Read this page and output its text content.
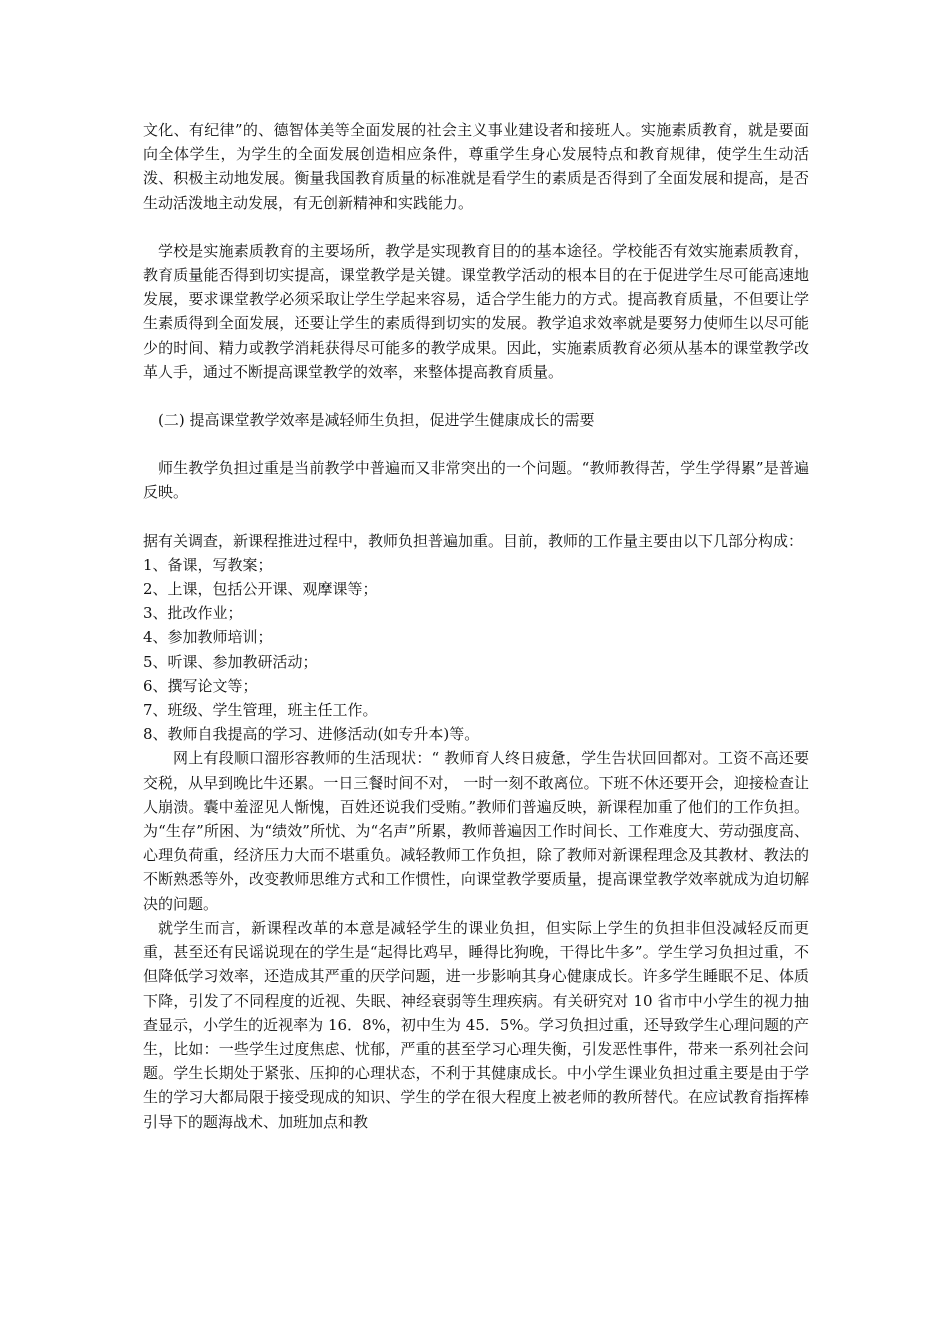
文化、有纪律”的、德智体美等全面发展的社会主义事业建设者和接班人。实施素质教育，就是要面向全体学生，为学生的全面发展创造相应条件，尊重学生身心发展特点和教育规律，使学生生动活泼、积极主动地发展。衡量我国教育质量的标准就是看学生的素质是否得到了全面发展和提高，是否生动活泼地主动发展，有无创新精神和实践能力。

学校是实施素质教育的主要场所，教学是实现教育目的的基本途径。学校能否有效实施素质教育，教育质量能否得到切实提高，课堂教学是关键。课堂教学活动的根本目的在于促进学生尽可能高速地发展，要求课堂教学必须采取让学生学起来容易，适合学生能力的方式。提高教育质量，不但要让学生素质得到全面发展，还要让学生的素质得到切实的发展。教学追求效率就是要努力使师生以尽可能少的时间、精力或教学消耗获得尽可能多的教学成果。因此，实施素质教育必须从基本的课堂教学改革人手，通过不断提高课堂教学的效率，来整体提高教育质量。

(二) 提高课堂教学效率是减轻师生负担，促进学生健康成长的需要

师生教学负担过重是当前教学中普遍而又非常突出的一个问题。“教师教得苦，学生学得累”是普遍反映。

据有关调查，新课程推进过程中，教师负担普遍加重。目前，教师的工作量主要由以下几部分构成：

1、备课，写教案；

2、上课，包括公开课、观摩课等；

3、批改作业；

4、参加教师培训；

5、听课、参加教研活动；

6、撰写论文等；

7、班级、学生管理，班主任工作。

8、教师自我提高的学习、进修活动(如专升本)等。

网上有段顺口溜形容教师的生活现状：“ 教师育人终日疲惫，学生告状回回都对。工资不高还要交税，从早到晚比牛还累。一日三餐时间不对， 一时一刻不敢离位。下班不休还要开会，迎接检查让人崩溃。囊中羞涩见人惭愧，百姓还说我们受贿。”教师们普遍反映，新课程加重了他们的工作负担。为“生存”所困、为“绩效”所忧、为“名声”所累，教师普遍因工作时间长、工作难度大、劳动强度高、心理负荷重，经济压力大而不堪重负。减轻教师工作负担，除了教师对新课程理念及其教材、教法的不断熟悉等外，改变教师思维方式和工作惯性，向课堂教学要质量，提高课堂教学效率就成为迫切解决的问题。

就学生而言，新课程改革的本意是减轻学生的课业负担，但实际上学生的负担非但没减轻反而更重，甚至还有民谣说现在的学生是“起得比鸡早，睡得比狗晚，干得比牛多”。学生学习负担过重，不但降低学习效率，还造成其严重的厌学问题，进一步影响其身心健康成长。许多学生睡眠不足、体质下降，引发了不同程度的近视、失眠、神经衰弱等生理疾病。有关研究对 10 省市中小学生的视力抽查显示，小学生的近视率为 16．8%，初中生为 45．5%。学习负担过重，还导致学生心理问题的产生，比如：一些学生过度焦虑、忧郁，严重的甚至学习心理失衡，引发恶性事件，带来一系列社会问题。学生长期处于紧张、压抑的心理状态，不利于其健康成长。中小学生课业负担过重主要是由于学生的学习大都局限于接受现成的知识、学生的学在很大程度上被老师的教所替代。在应试教育指挥棒引导下的题海战术、加班加点和教
